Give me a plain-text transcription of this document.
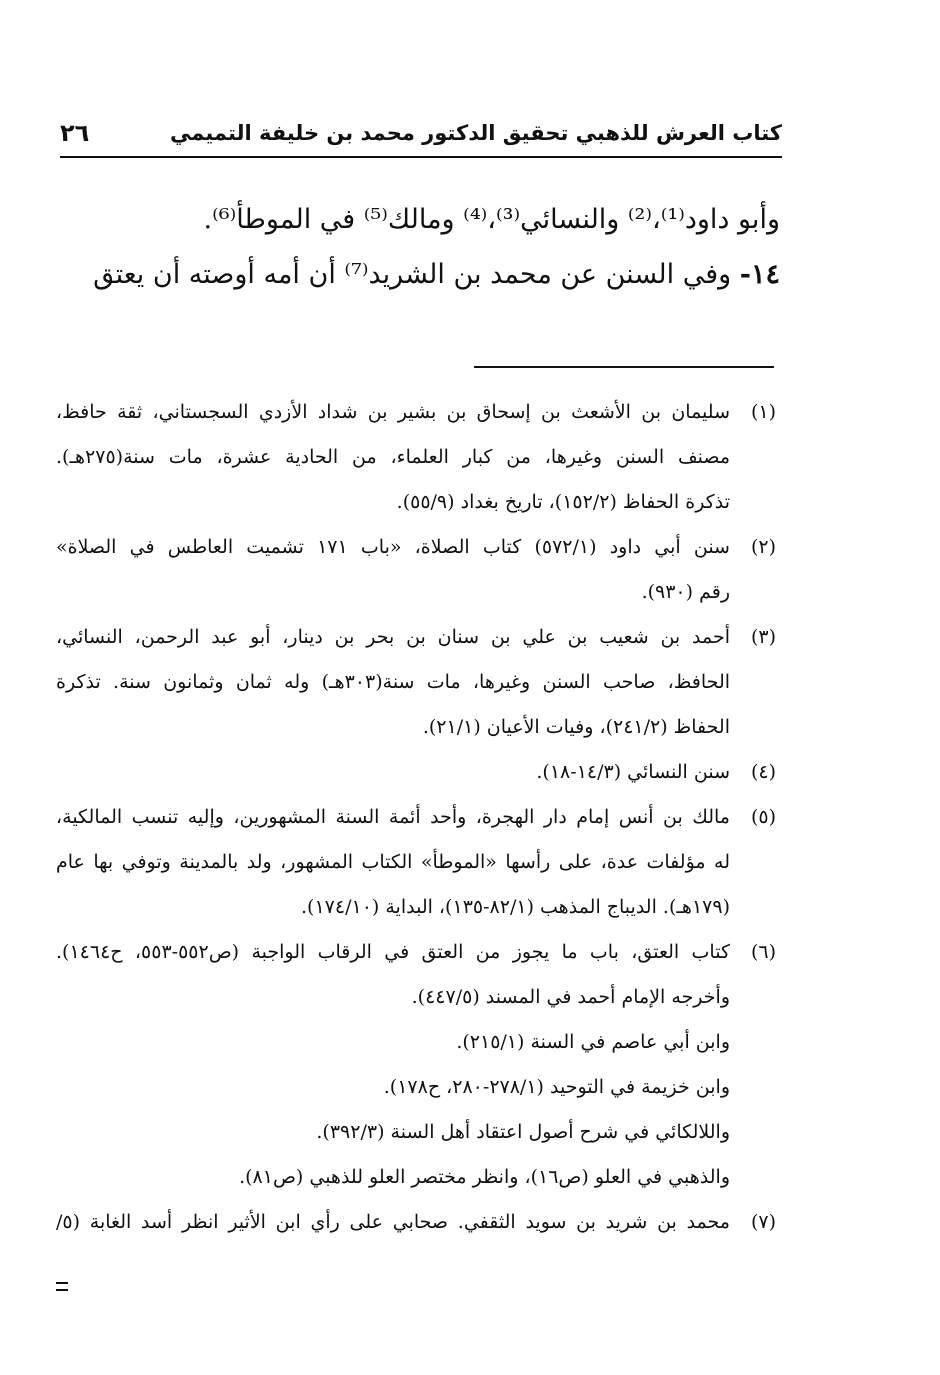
كتاب العرش للذهبي تحقيق الدكتور محمد بن خليفة التميمي
٢٦
وأبو داود⁽¹⁾،⁽²⁾ والنسائي⁽³⁾،⁽⁴⁾ ومالك⁽⁵⁾ في الموطأ⁽⁶⁾.
١٤- وفي السنن عن محمد بن الشريد⁽⁷⁾ أن أمه أوصته أن يعتق
(١)
سليمان بن الأشعث بن إسحاق بن بشير بن شداد الأزدي السجستاني، ثقة حافظ،
مصنف السنن وغيرها، من كبار العلماء، من الحادية عشرة، مات سنة(٢٧٥هـ).
تذكرة الحفاظ (١٥٢/٢)، تاريخ بغداد (٥٥/٩).
(٢)
سنن أبي داود (٥٧٢/١) كتاب الصلاة، «باب ١٧١ تشميت العاطس في الصلاة»
رقم (٩٣٠).
(٣)
أحمد بن شعيب بن علي بن سنان بن بحر بن دينار، أبو عبد الرحمن، النسائي،
الحافظ، صاحب السنن وغيرها، مات سنة(٣٠٣هـ) وله ثمان وثمانون سنة. تذكرة
الحفاظ (٢٤١/٢)، وفيات الأعيان (٢١/١).
(٤)
سنن النسائي (١٤/٣-١٨).
(٥)
مالك بن أنس إمام دار الهجرة، وأحد أئمة السنة المشهورين، وإليه تنسب المالكية،
له مؤلفات عدة، على رأسها «الموطأ» الكتاب المشهور، ولد بالمدينة وتوفي بها عام
(١٧٩هـ). الديباج المذهب (٨٢/١-١٣٥)، البداية (١٧٤/١٠).
(٦)
كتاب العتق، باب ما يجوز من العتق في الرقاب الواجبة (ص٥٥٢-٥٥٣، ح١٤٦٤).
وأخرجه الإمام أحمد في المسند (٤٤٧/٥).
وابن أبي عاصم في السنة (٢١٥/١).
وابن خزيمة في التوحيد (٢٧٨/١-٢٨٠، ح١٧٨).
واللالكائي في شرح أصول اعتقاد أهل السنة (٣٩٢/٣).
والذهبي في العلو (ص١٦)، وانظر مختصر العلو للذهبي (ص٨١).
(٧)
محمد بن شريد بن سويد الثقفي. صحابي على رأي ابن الأثير انظر أسد الغابة (٥/
